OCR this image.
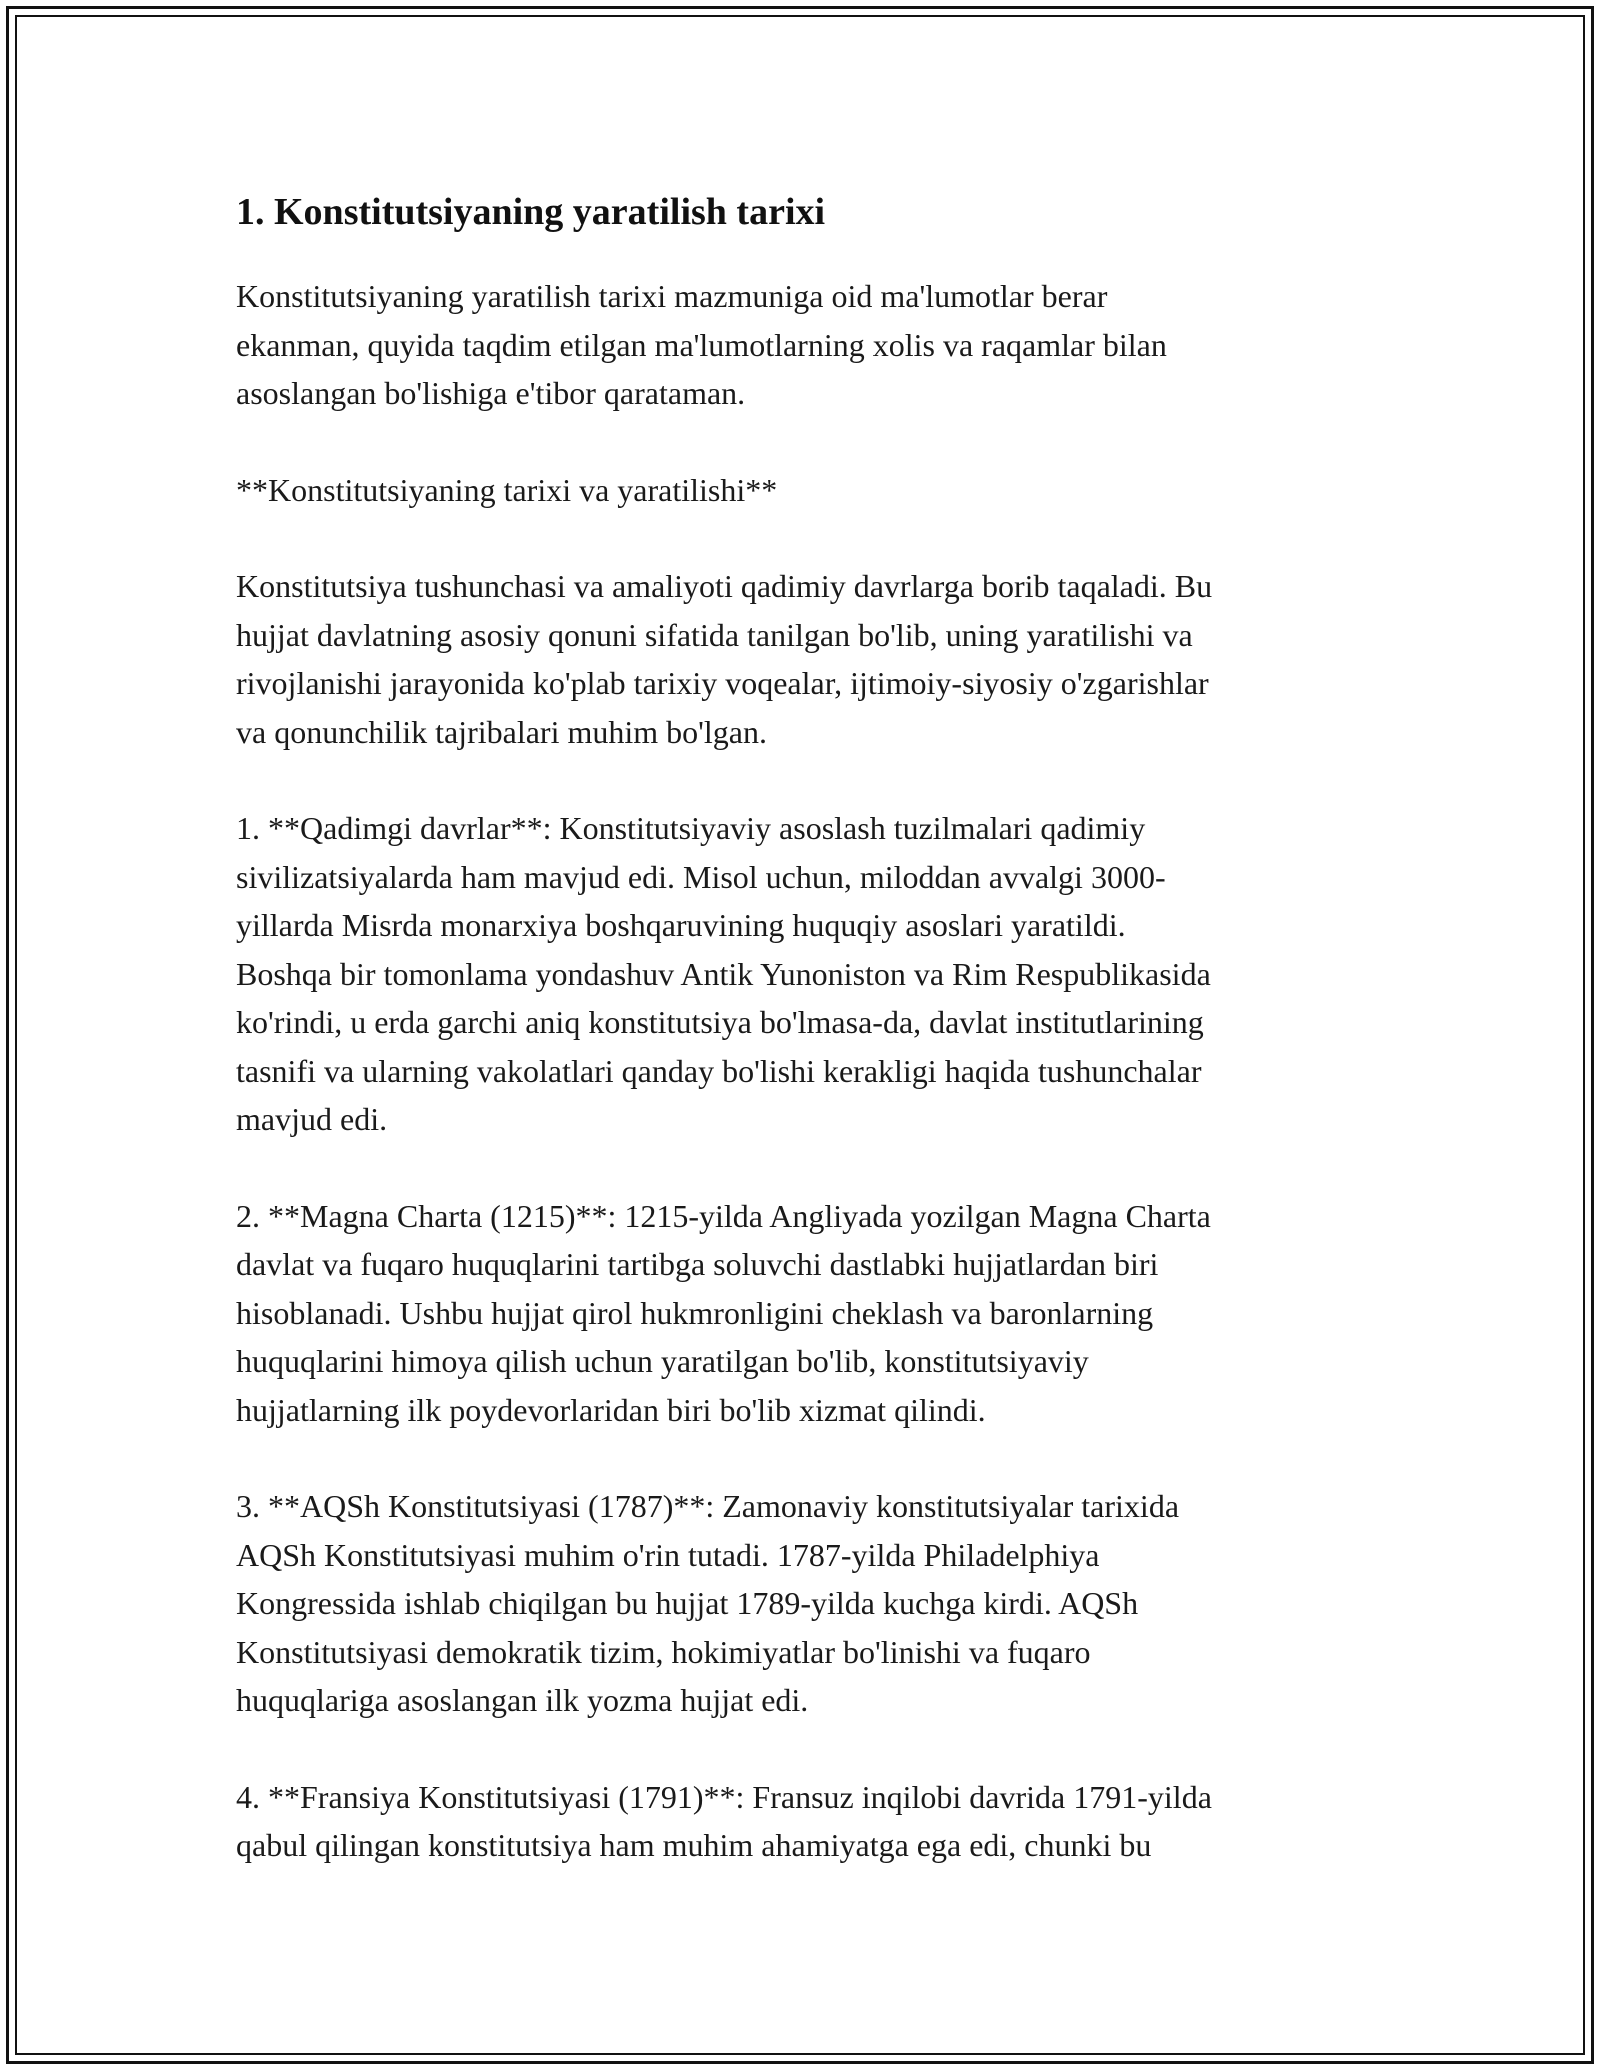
1. Konstitutsiyaning yaratilish tarixi

Konstitutsiyaning yaratilish tarixi mazmuniga oid ma'lumotlar berar
ekanman, quyida taqdim etilgan ma'lumotlarning xolis va raqamlar bilan
asoslangan bo'lishiga e'tibor qarataman.

**Konstitutsiyaning tarixi va yaratilishi**

Konstitutsiya tushunchasi va amaliyoti qadimiy davrlarga borib taqaladi. Bu
hujjat davlatning asosiy qonuni sifatida tanilgan bo'lib, uning yaratilishi va
rivojlanishi jarayonida ko'plab tarixiy voqealar, ijtimoiy-siyosiy o'zgarishlar
va qonunchilik tajribalari muhim bo'lgan.

1. **Qadimgi davrlar**: Konstitutsiyaviy asoslash tuzilmalari qadimiy
sivilizatsiyalarda ham mavjud edi. Misol uchun, miloddan avvalgi 3000-
yillarda Misrda monarxiya boshqaruvining huquqiy asoslari yaratildi.
Boshqa bir tomonlama yondashuv Antik Yunoniston va Rim Respublikasida
ko'rindi, u erda garchi aniq konstitutsiya bo'lmasa-da, davlat institutlarining
tasnifi va ularning vakolatlari qanday bo'lishi kerakligi haqida tushunchalar
mavjud edi.

2. **Magna Charta (1215)**: 1215-yilda Angliyada yozilgan Magna Charta
davlat va fuqaro huquqlarini tartibga soluvchi dastlabki hujjatlardan biri
hisoblanadi. Ushbu hujjat qirol hukmronligini cheklash va baronlarning
huquqlarini himoya qilish uchun yaratilgan bo'lib, konstitutsiyaviy
hujjatlarning ilk poydevorlaridan biri bo'lib xizmat qilindi.

3. **AQSh Konstitutsiyasi (1787)**: Zamonaviy konstitutsiyalar tarixida
AQSh Konstitutsiyasi muhim o'rin tutadi. 1787-yilda Philadelphiya
Kongressida ishlab chiqilgan bu hujjat 1789-yilda kuchga kirdi. AQSh
Konstitutsiyasi demokratik tizim, hokimiyatlar bo'linishi va fuqaro
huquqlariga asoslangan ilk yozma hujjat edi.

4. **Fransiya Konstitutsiyasi (1791)**: Fransuz inqilobi davrida 1791-yilda
qabul qilingan konstitutsiya ham muhim ahamiyatga ega edi, chunki bu
